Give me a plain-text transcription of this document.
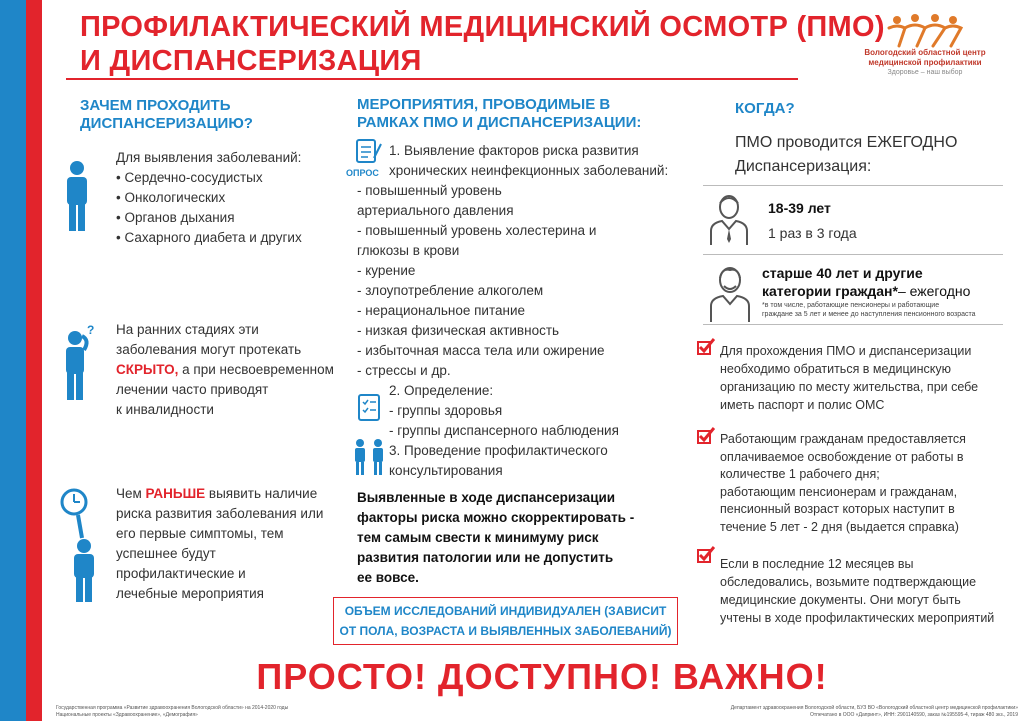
ПРОФИЛАКТИЧЕСКИЙ МЕДИЦИНСКИЙ ОСМОТР (ПМО)
И ДИСПАНСЕРИЗАЦИЯ	Вологодский областной центр
медицинской профилактики
Здоровье – наш выбор
ЗАЧЕМ ПРОХОДИТЬ
ДИСПАНСЕРИЗАЦИЮ?
Для выявления заболеваний:
• Сердечно-сосудистых
• Онкологических
• Органов дыхания
• Сахарного диабета и других
? На ранних стадиях эти
заболевания могут протекать
СКРЫТО, а при несвоевременном
лечении часто приводят
к инвалидности
Чем РАНЬШЕ выявить наличие
риска развития заболевания или
его первые симптомы, тем
успешнее будут
профилактические и
лечебные мероприятия
МЕРОПРИЯТИЯ, ПРОВОДИМЫЕ В
РАМКАХ ПМО И ДИСПАНСЕРИЗАЦИИ:
ОПРОС
1. Выявление факторов риска развития
хронических неинфекционных заболеваний:
- повышенный уровень
артериального давления
- повышенный уровень холестерина и
глюкозы в крови
- курение
- злоупотребление алкоголем
- нерациональное питание
- низкая физическая активность
- избыточная масса тела или ожирение
- стрессы и др.
2. Определение:
- группы здоровья
- группы диспансерного наблюдения
3. Проведение профилактического
консультирования
Выявленные в ходе диспансеризации
факторы риска можно скорректировать -
тем самым свести к минимуму риск
развития патологии или не допустить
ее вовсе.
ОБЪЕМ ИССЛЕДОВАНИЙ ИНДИВИДУАЛЕН (ЗАВИСИТ
ОТ ПОЛА, ВОЗРАСТА И ВЫЯВЛЕННЫХ ЗАБОЛЕВАНИЙ)
КОГДА?
ПМО проводится ЕЖЕГОДНО
Диспансеризация:
18-39 лет
1 раз в 3 года
старше 40 лет и другие
категории граждан*– ежегодно
*в том числе, работающие пенсионеры и работающие
граждане за 5 лет и менее до наступления пенсионного возраста
Для прохождения ПМО и диспансеризации
необходимо обратиться в медицинскую
организацию по месту жительства, при себе
иметь паспорт и полис ОМС
Работающим гражданам предоставляется
оплачиваемое освобождение от работы в
количестве 1 рабочего дня;
работающим пенсионерам и гражданам,
пенсионный возраст которых наступит в
течение 5 лет - 2 дня (выдается справка)
Если в последние 12 месяцев вы
обследовались, возьмите подтверждающие
медицинские документы. Они могут быть
учтены в ходе профилактических мероприятий
ПРОСТО! ДОСТУПНО! ВАЖНО!
Государственная программа «Развитие здравоохранения Вологодской области» на 2014-2020 годы
Национальные проекты «Здравоохранение», «Демография»
Департамент здравоохранения Вологодской области, БУЗ ВО «Вологодский областной центр медицинской профилактики»
Отпечатано в ООО «Дапринт», ИНН: 2901140590, заказ №195595-4, тираж 480 экз., 2019
